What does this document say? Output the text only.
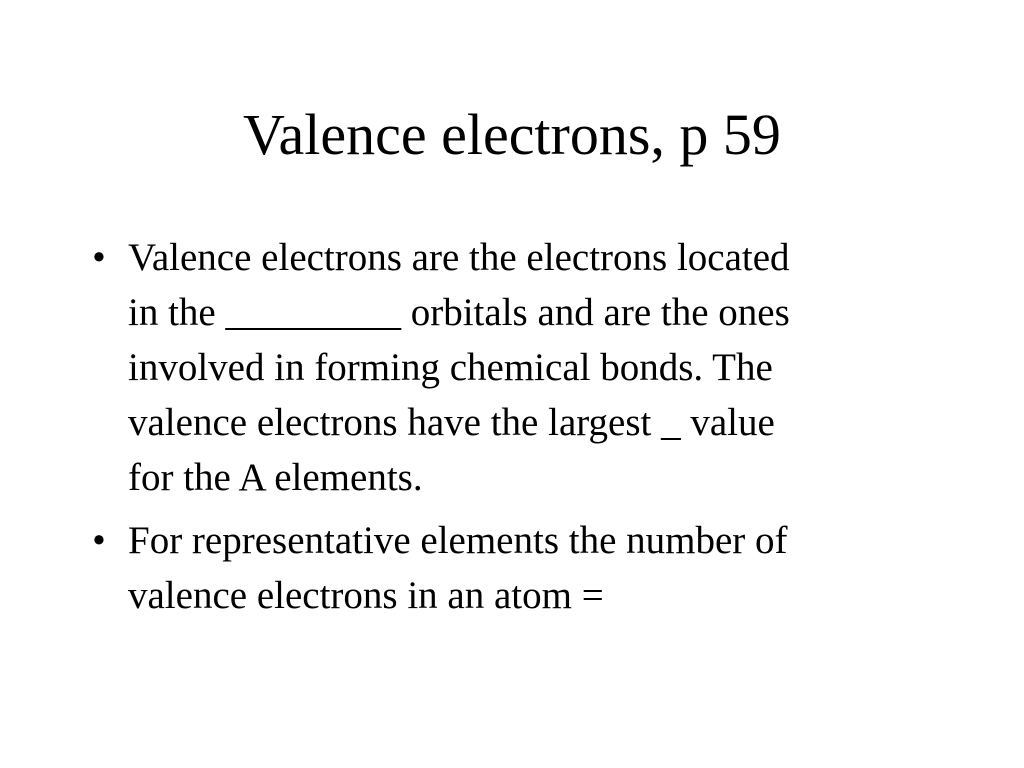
Valence electrons, p 59
• Valence electrons are the electrons located
in the _________ orbitals and are the ones
involved in forming chemical bonds. The
valence electrons have the largest _ value
for the A elements.
• For representative elements the number of
valence electrons in an atom =
